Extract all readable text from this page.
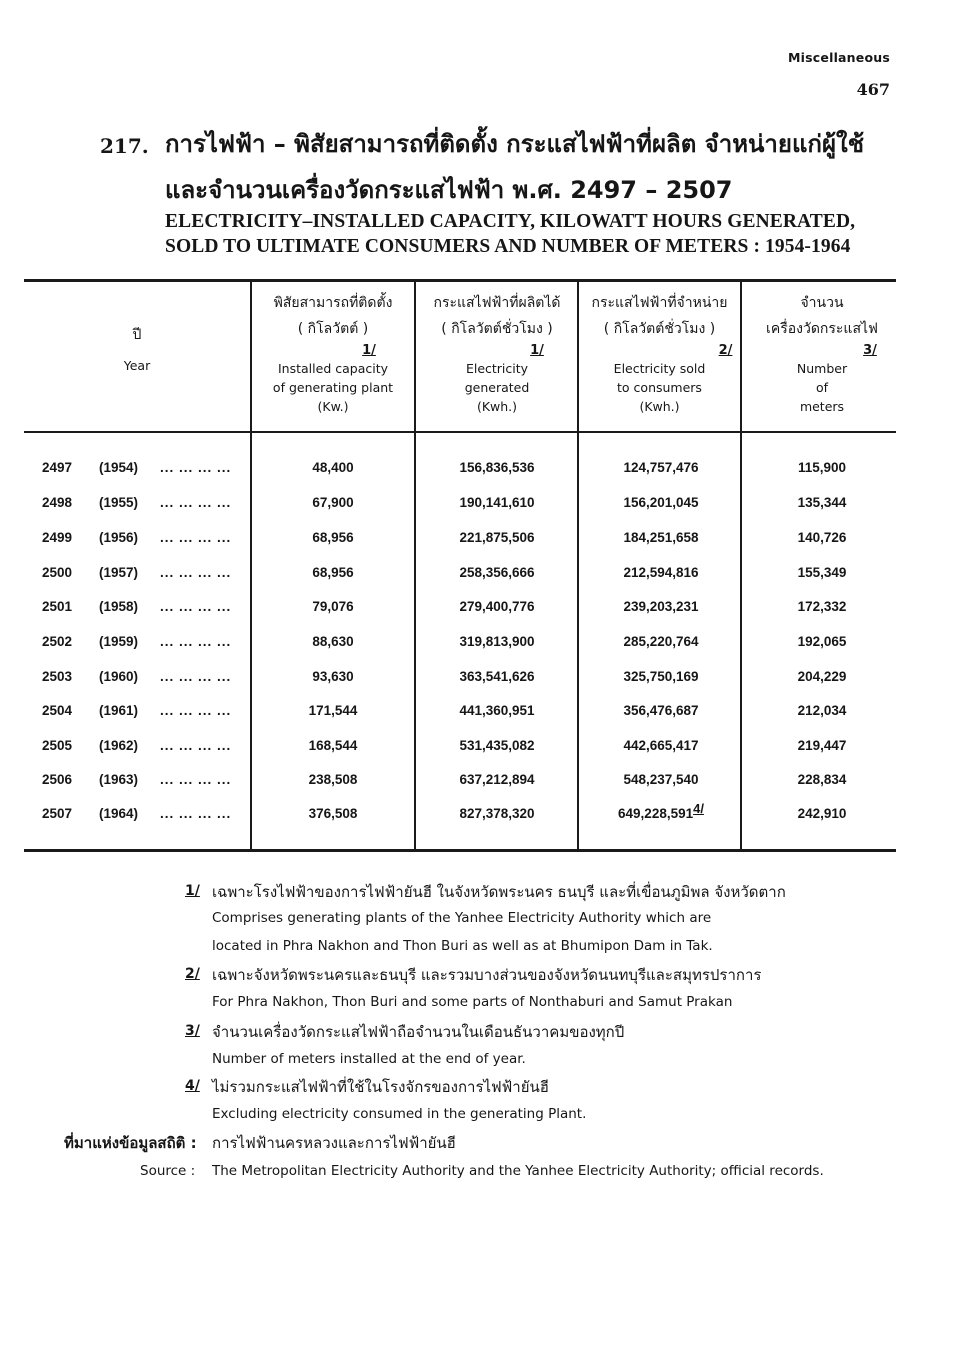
Miscellaneous
467
217. การไฟฟ้า – พิสัยสามารถที่ติดตั้ง กระแสไฟฟ้าที่ผลิต จำหน่ายแก่ผู้ใช้
และจำนวนเครื่องวัดกระแสไฟฟ้า พ.ศ. 2497 – 2507
ELECTRICITY–INSTALLED CAPACITY, KILOWATT HOURS GENERATED,
SOLD TO ULTIMATE CONSUMERS AND NUMBER OF METERS : 1954-1964
ปี
Year
พิสัยสามารถที่ติดตั้ง
( กิโลวัตต์ )
1/
Installed capacity
of generating plant
(Kw.)
กระแสไฟฟ้าที่ผลิตได้
( กิโลวัตต์ชั่วโมง )
1/
Electricity
generated
(Kwh.)
กระแสไฟฟ้าที่จำหน่าย
( กิโลวัตต์ชั่วโมง )
2/
Electricity sold
to consumers
(Kwh.)
จำนวน
เครื่องวัดกระแสไฟ
3/
Number
of
meters
2497 (1954) ... ... ... ...	48,400	156,836,536	124,757,476	115,900
2498 (1955) ... ... ... ...	67,900	190,141,610	156,201,045	135,344
2499 (1956) ... ... ... ...	68,956	221,875,506	184,251,658	140,726
2500 (1957) ... ... ... ...	68,956	258,356,666	212,594,816	155,349
2501 (1958) ... ... ... ...	79,076	279,400,776	239,203,231	172,332
2502 (1959) ... ... ... ...	88,630	319,813,900	285,220,764	192,065
2503 (1960) ... ... ... ...	93,630	363,541,626	325,750,169	204,229
2504 (1961) ... ... ... ...	171,544	441,360,951	356,476,687	212,034
2505 (1962) ... ... ... ...	168,544	531,435,082	442,665,417	219,447
2506 (1963) ... ... ... ...	238,508	637,212,894	548,237,540	228,834
2507 (1964) ... ... ... ...	376,508	827,378,320	649,228,5914/	242,910
1/ เฉพาะโรงไฟฟ้าของการไฟฟ้ายันฮี ในจังหวัดพระนคร ธนบุรี และที่เขื่อนภูมิพล จังหวัดตาก
Comprises generating plants of the Yanhee Electricity Authority which are
located in Phra Nakhon and Thon Buri as well as at Bhumipon Dam in Tak.
2/ เฉพาะจังหวัดพระนครและธนบุรี และรวมบางส่วนของจังหวัดนนทบุรีและสมุทรปราการ
For Phra Nakhon, Thon Buri and some parts of Nonthaburi and Samut Prakan
3/ จำนวนเครื่องวัดกระแสไฟฟ้าถือจำนวนในเดือนธันวาคมของทุกปี
Number of meters installed at the end of year.
4/ ไม่รวมกระแสไฟฟ้าที่ใช้ในโรงจักรของการไฟฟ้ายันฮี
Excluding electricity consumed in the generating Plant.
ที่มาแห่งข้อมูลสถิติ : การไฟฟ้านครหลวงและการไฟฟ้ายันฮี
Source : The Metropolitan Electricity Authority and the Yanhee Electricity Authority; official records.
